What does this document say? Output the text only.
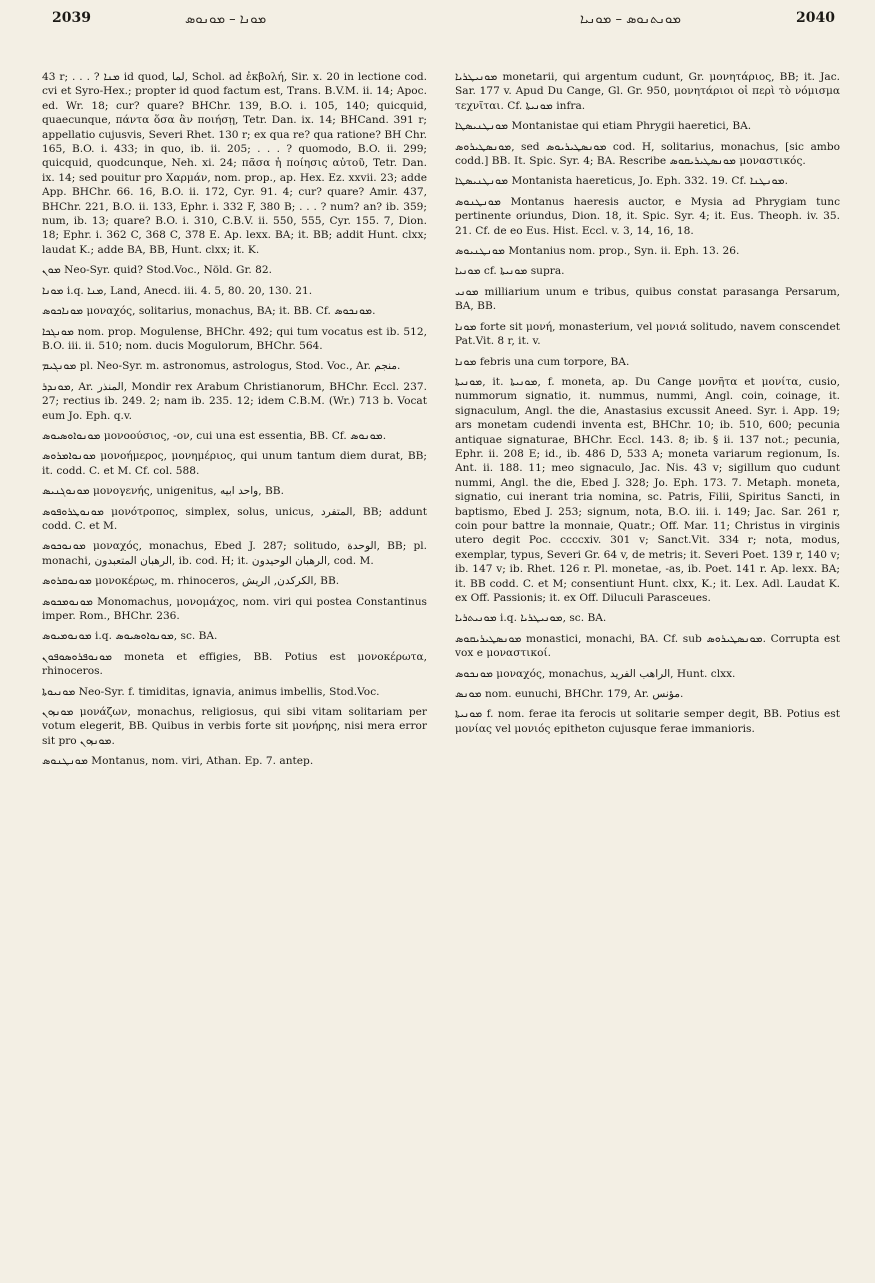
2039	ܡܘܢܐ – ܡܘܢܘܣ	ܡܘܢܬܢܘܣ – ܡܘܢܝܐ	2040

43 r; . . . ? ܡܢܐ id quod, لما, Schol. ad ἐκβολή, Sir. x. 20 in lectione cod. cvi et Syro-Hex.; propter id quod factum est, Trans. B.V.M. ii. 14; Apoc. ed. Wr. 18; cur? quare? BHChr. 139, B.O. i. 105, 140; quicquid, quaecunque, πάντα ὅσα ἂν ποιήσῃ, Tetr. Dan. ix. 14; BHCand. 391 r; appellatio cujusvis, Severi Rhet. 130 r; ex qua re? qua ratione? BH Chr. 165, B.O. i. 433; in quo, ib. ii. 205; . . . ? quomodo, B.O. ii. 299; quicquid, quodcunque, Neh. xi. 24; πᾶσα ἡ ποίησις αὐτοῦ, Tetr. Dan. ix. 14; sed pouitur pro Χαρμάν, nom. prop., ap. Hex. Ez. xxvii. 23; adde App. BHChr. 66. 16, B.O. ii. 172, Cyr. 91. 4; cur? quare? Amir. 437, BHChr. 221, B.O. ii. 133, Ephr. i. 332 F, 380 B; . . . ? num? an? ib. 359; num, ib. 13; quare? B.O. i. 310, C.B.V. ii. 550, 555, Cyr. 155. 7, Dion. 18; Ephr. i. 362 C, 368 C, 378 E. Ap. lexx. BA; it. BB; addit Hunt. clxx; laudat K.; adde BA, BB, Hunt. clxx; it. K.

ܡܘܢ Neo-Syr. quid? Stod.Voc., Nöld. Gr. 82.

ܡܘܢܐ i.q. ܡܢܐ, Land, Anecd. iii. 4. 5, 80. 20, 130. 21.

ܡܘܢܐܟܘܣ μοναχός, solitarius, monachus, BA; it. BB. Cf. ܡܘܢܟܘܣ.

ܡܘܢܓܟܐ nom. prop. Mogulense, BHChr. 492; qui tum vocatus est ib. 512, B.O. iii. ii. 510; nom. ducis Mogulorum, BHChr. 564.

ܡܘܢܓܝܡ pl. Neo-Syr. m. astronomus, astrologus, Stod. Voc., Ar. منجم.

ܡܘܢܕܪ, Ar. المنذر, Mondir rex Arabum Christianorum, BHChr. Eccl. 237. 27; rectius ib. 249. 2; nam ib. 235. 12; idem C.B.M. (Wr.) 713 b. Vocat eum Jo. Eph. q.v.

ܡܘܢܘܐܘܣܝܘܣ μονοούσιος, -ον, cui una est essentia, BB. Cf. ܡܘܢܘܣ.

ܡܘܢܘܐܡܪܘܣ μονοήμερος, μονημέριος, qui unum tantum diem durat, BB; it. codd. C. et M. Cf. col. 588.

ܡܘܢܘܓܢܝܣ μονογενής, unigenitus, واحد ابيه, BB.

ܡܘܢܘܛܪܘܦܘܣ μονότροπος, simplex, solus, unicus, المتفرد, BB; addunt codd. C. et M.

ܡܘܢܘܟܘܣ μοναχός, monachus, Ebed J. 287; solitudo, الوحدة, BB; pl. monachi, الرهبان المتعبدون, ib. cod. H; it. الرهبان الوحيدون, cod. M.

ܡܘܢܘܩܪܘܣ μονοκέρως, m. rhinoceros, الكركدن, الريش, BB.

ܡܘܢܘܡܟܘܣ Monomachus, μονομάχος, nom. viri qui postea Constantinus imper. Rom., BHChr. 236.

ܡܘܢܘܡܝܘܣ i.q. ܡܘܢܘܐܘܣܝܘܣ, sc. BA.

ܡܘܢܘܦܪܘܣܘܦܘܢ moneta et effigies, BB. Potius est μονοκέρωτα, rhinoceros.

ܡܘܢܝܘܬܐ Neo-Syr. f. timiditas, ignavia, animus imbellis, Stod.Voc.

ܡܘܢܙܘܢ μονάζων, monachus, religiosus, qui sibi vitam solitariam per votum elegerit, BB. Quibus in verbis forte sit μονήρης, nisi mera error sit pro ܡܘܢܙܘܢ.

ܡܘܢܛܢܘܣ Montanus, nom. viri, Athan. Ep. 7. antep.

ܡܘܢܝܛܪܝܐ monetarii, qui argentum cudunt, Gr. μονητάριος, BB; it. Jac. Sar. 177 v. Apud Du Cange, Gl. Gr. 950, μονητάριοι οἱ περὶ τὸ νόμισμα τεχνῖται. Cf. ܡܘܢܝܬܐ infra.

ܡܘܢܛܢܝܣܛܐ Montanistae qui etiam Phrygii haeretici, BA.

ܡܘܢܣܛܝܪܘܣ, sed ܡܘܢܣܛܝܪܝܘܣ cod. H, solitarius, monachus, [sic ambo codd.] BB. It. Spic. Syr. 4; BA. Rescribe ܡܘܢܣܛܝܪܝܩܘܣ μοναστικός.

ܡܘܢܛܢܝܣܛܐ Montanista haereticus, Jo. Eph. 332. 19. Cf. ܡܘܢܛܢܐ.

ܡܘܢܛܢܘܣ Montanus haeresis auctor, e Mysia ad Phrygiam tunc pertinente oriundus, Dion. 18, it. Spic. Syr. 4; it. Eus. Theoph. iv. 35. 21. Cf. de eo Eus. Hist. Eccl. v. 3, 14, 16, 18.

ܡܘܢܛܢܝܘܣ Montanius nom. prop., Syn. ii. Eph. 13. 26.

ܡܘܢܝܐ cf. ܡܘܢܝܬܐ supra.

ܡܘܢܝ milliarium unum e tribus, quibus constat parasanga Persarum, BA, BB.

ܡܘܢܐ forte sit μονή, monasterium, vel μονιά solitudo, navem conscendet Pat.Vit. 8 r, it. v.

ܡܘܢܐ febris una cum torpore, BA.

ܡܘܢܝܬܐ, it. ܡܘܢܝܬܐ, f. moneta, ap. Du Cange μονῆτα et μονίτα, cusio, nummorum signatio, it. nummus, nummi, Angl. coin, coinage, it. signaculum, Angl. the die, Anastasius excussit Aneed. Syr. i. App. 19; ars monetam cudendi inventa est, BHChr. 10; ib. 510, 600; pecunia antiquae signaturae, BHChr. Eccl. 143. 8; ib. § ii. 137 not.; pecunia, Ephr. ii. 208 E; id., ib. 486 D, 533 A; moneta variarum regionum, Is. Ant. ii. 188. 11; meo signaculo, Jac. Nis. 43 v; sigillum quo cudunt nummi, Angl. the die, Ebed J. 328; Jo. Eph. 173. 7. Metaph. moneta, signatio, cui inerant tria nomina, sc. Patris, Filii, Spiritus Sancti, in baptismo, Ebed J. 253; signum, nota, B.O. iii. i. 149; Jac. Sar. 261 r, coin pour battre la monnaie, Quatr.; Off. Mar. 11; Christus in virginis utero degit Poc. ccccxiv. 301 v; Sanct.Vit. 334 r; nota, modus, exemplar, typus, Severi Gr. 64 v, de metris; it. Severi Poet. 139 r, 140 v; ib. 147 v; ib. Rhet. 126 r. Pl. monetae, -as, ib. Poet. 141 r. Ap. lexx. BA; it. BB codd. C. et M; consentiunt Hunt. clxx, K.; it. Lex. Adl. Laudat K. ex Off. Passionis; it. ex Off. Diluculi Parasceues.

ܡܘܢܝܬܪܝܐ i.q. ܡܘܢܝܛܪܝܐ, sc. BA.

ܡܘܢܣܛܝܪܝܩܘܣ monastici, monachi, BA. Cf. sub ܡܘܢܣܛܝܪܘܣ. Corrupta est vox e μοναστικοί.

ܡܘܢܟܘܣ μοναχός, monachus, الراهب الفريد, Hunt. clxx.

ܡܘܢܣ nom. eunuchi, BHChr. 179, Ar. مؤنس.

ܡܘܢܝܬܐ f. nom. ferae ita ferocis ut solitarie semper degit, BB. Potius est μονίας vel μονιός epitheton cujusque ferae immanioris.
